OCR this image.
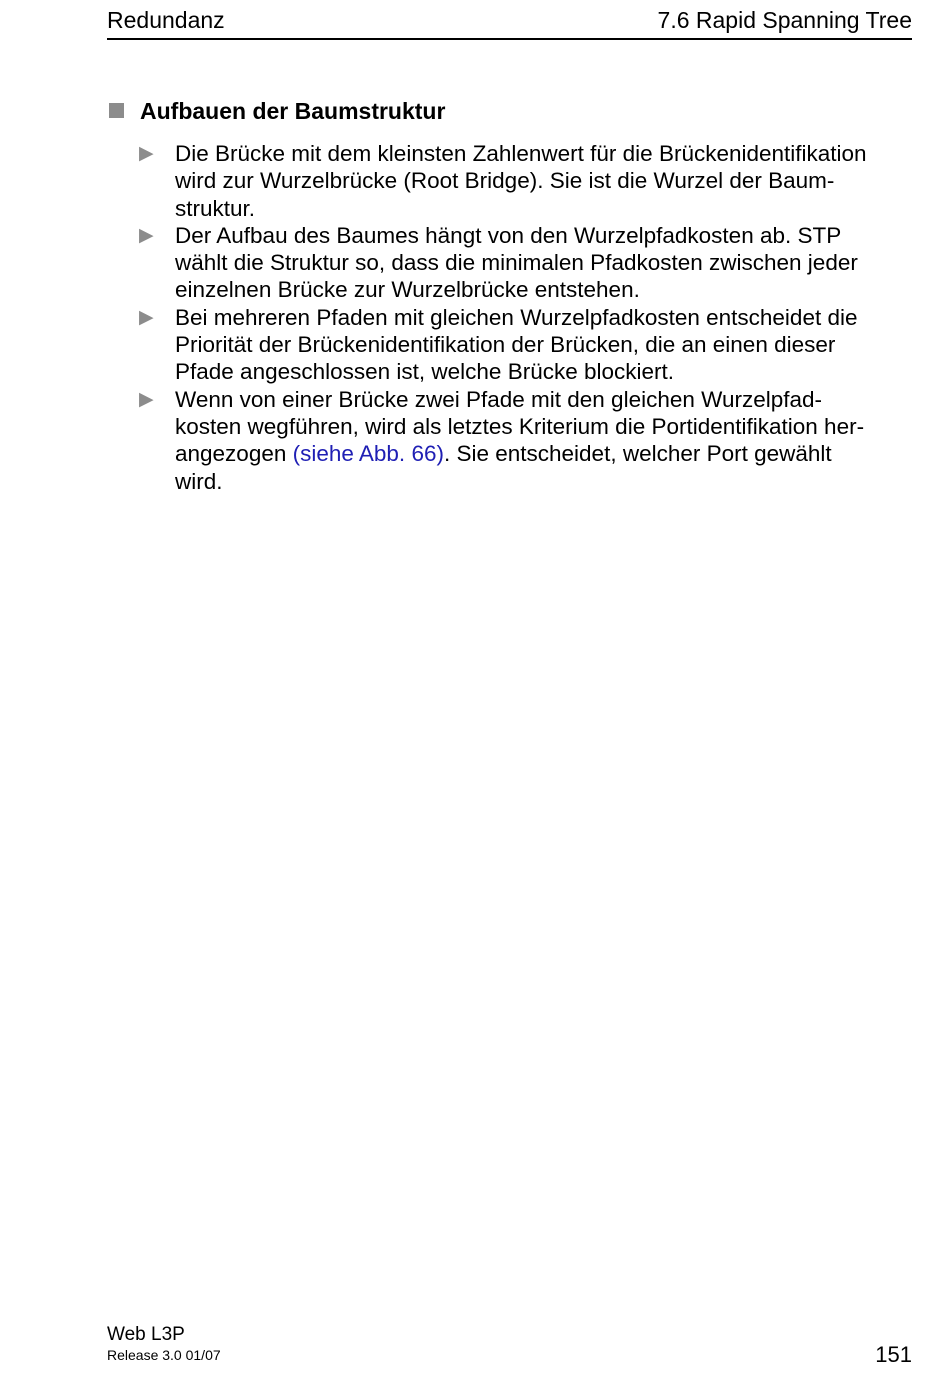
Redundanz	7.6 Rapid Spanning Tree
Aufbauen der Baumstruktur
▶ Die Brücke mit dem kleinsten Zahlenwert für die Brückenidentifikation
wird zur Wurzelbrücke (Root Bridge). Sie ist die Wurzel der Baum-
struktur.
▶ Der Aufbau des Baumes hängt von den Wurzelpfadkosten ab. STP
wählt die Struktur so, dass die minimalen Pfadkosten zwischen jeder
einzelnen Brücke zur Wurzelbrücke entstehen.
▶ Bei mehreren Pfaden mit gleichen Wurzelpfadkosten entscheidet die
Priorität der Brückenidentifikation der Brücken, die an einen dieser
Pfade angeschlossen ist, welche Brücke blockiert.
▶ Wenn von einer Brücke zwei Pfade mit den gleichen Wurzelpfad-
kosten wegführen, wird als letztes Kriterium die Portidentifikation her-
angezogen (siehe Abb. 66). Sie entscheidet, welcher Port gewählt
wird.
Web L3P
Release 3.0 01/07	151
